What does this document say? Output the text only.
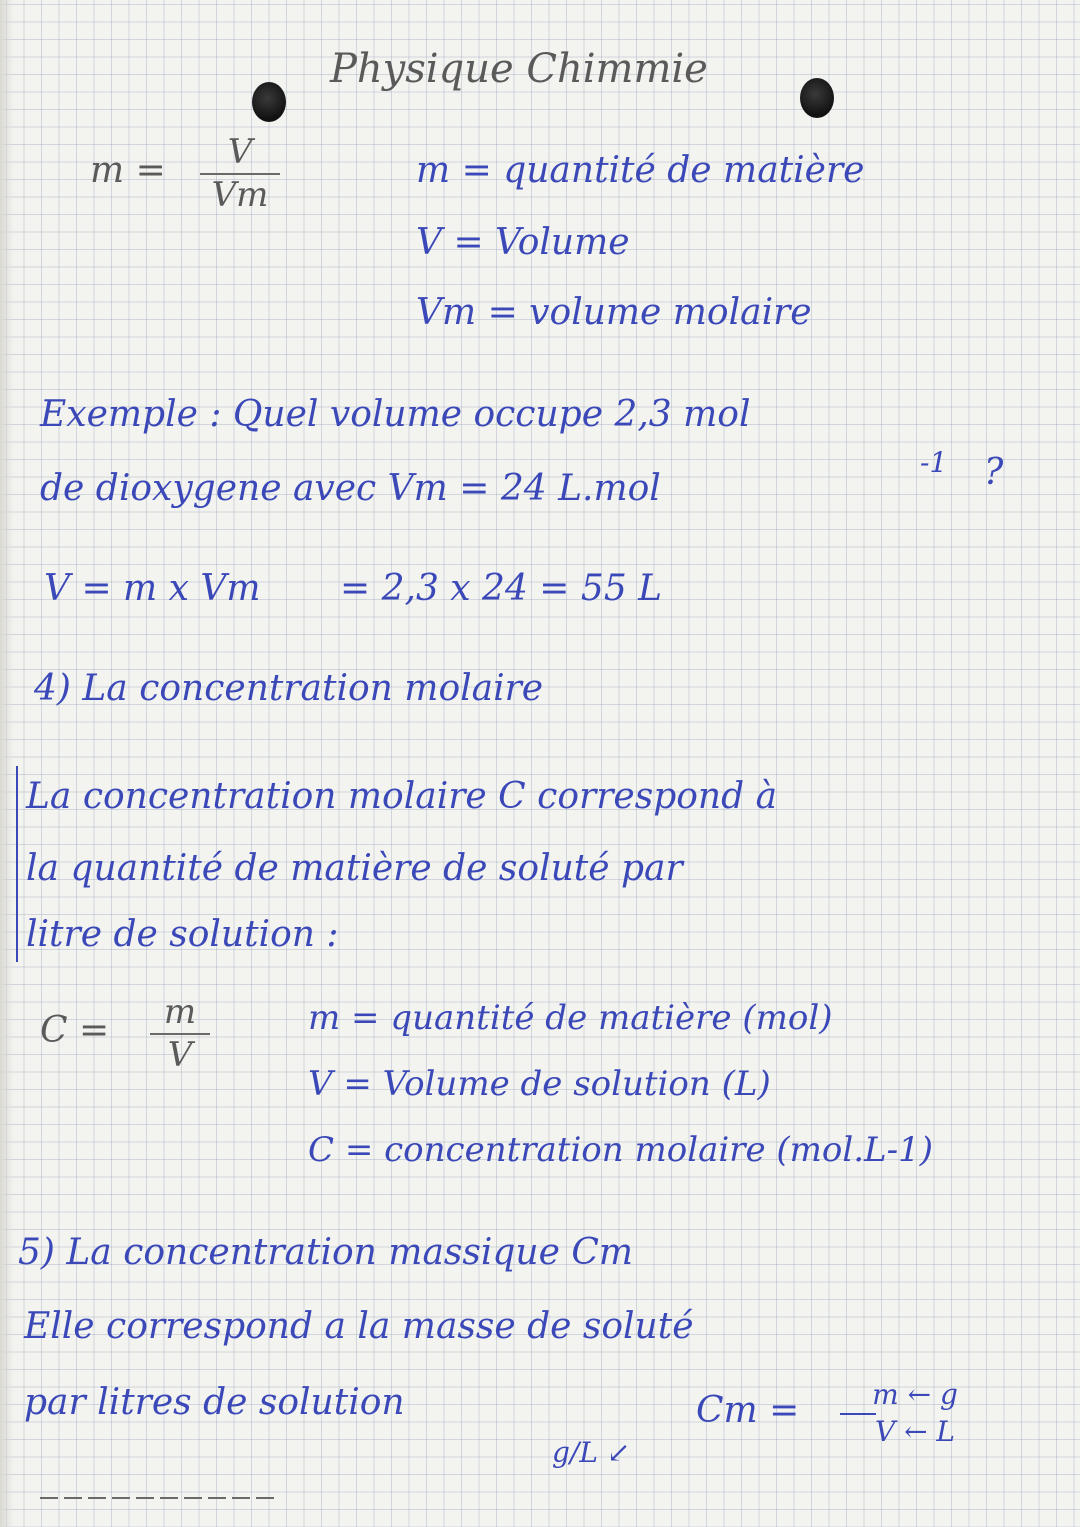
Physique Chimmie
m =	V
Vm
m = quantité de matière
V = Volume
Vm = volume molaire
Exemple : Quel volume occupe 2,3 mol
de dioxygene avec Vm = 24 L.mol
-1 ?
V = m x Vm = 2,3 x 24 = 55 L
4) La concentration molaire
La concentration molaire C correspond à
la quantité de matière de soluté par
litre de solution :
C =	m
V
m = quantité de matière (mol)
V = Volume de solution (L)
C = concentration molaire (mol.L-1)
5) La concentration massique Cm
Elle correspond a la masse de soluté
par litres de solution	Cm =	m ← g
V ← L
g/L ↙
